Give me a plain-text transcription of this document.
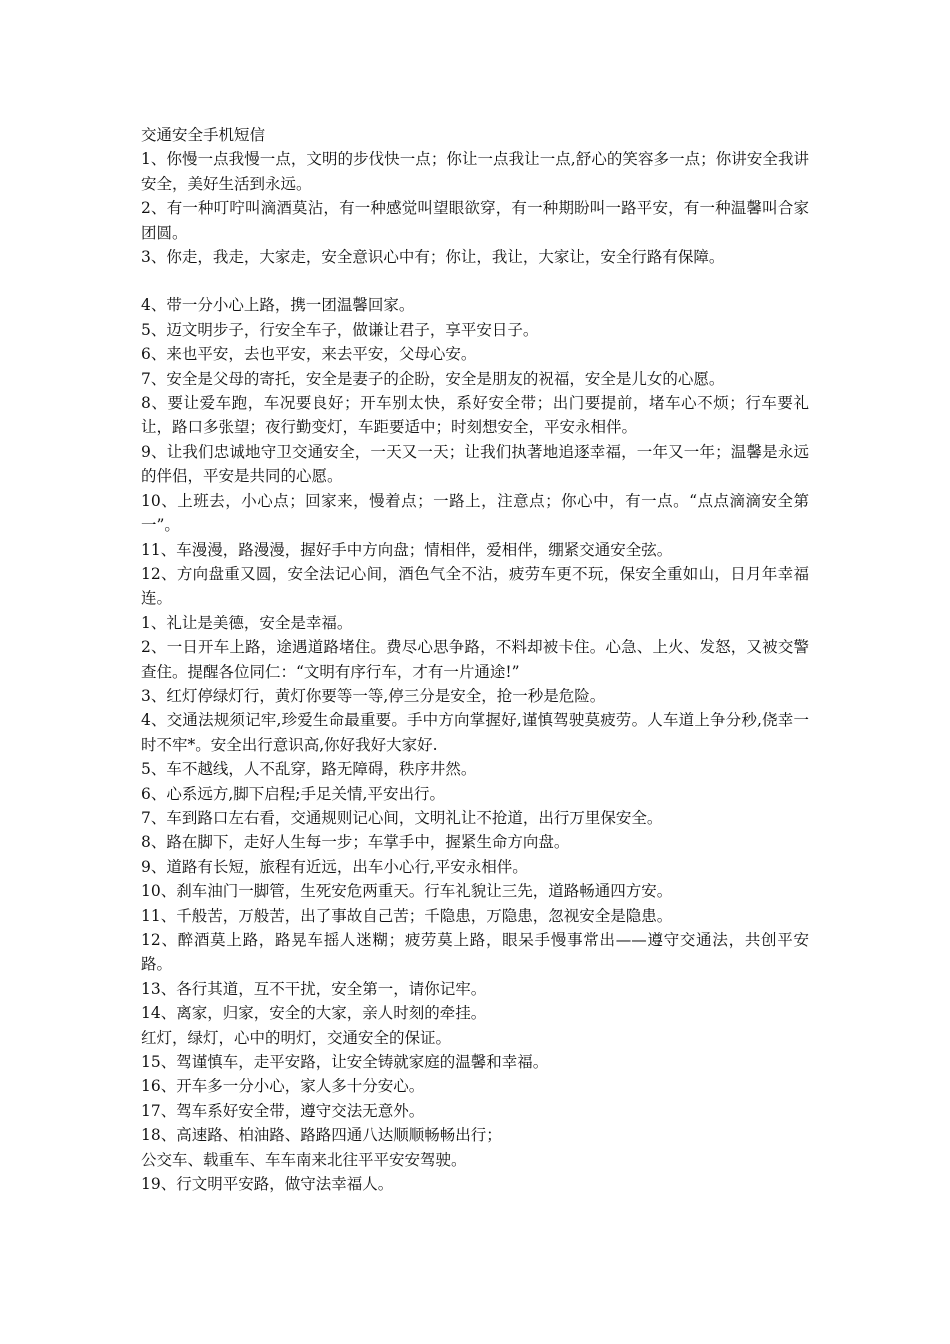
交通安全手机短信

1、你慢一点我慢一点，文明的步伐快一点；你让一点我让一点,舒心的笑容多一点；你讲安全我讲安全，美好生活到永远。

2、有一种叮咛叫滴酒莫沾，有一种感觉叫望眼欲穿，有一种期盼叫一路平安，有一种温馨叫合家团圆。

3、你走，我走，大家走，安全意识心中有；你让，我让，大家让，安全行路有保障。

4、带一分小心上路，携一团温馨回家。

5、迈文明步子，行安全车子，做谦让君子，享平安日子。

6、来也平安，去也平安，来去平安，父母心安。

7、安全是父母的寄托，安全是妻子的企盼，安全是朋友的祝福，安全是儿女的心愿。

8、要让爱车跑，车况要良好；开车别太快，系好安全带；出门要提前，堵车心不烦；行车要礼让，路口多张望；夜行勤变灯，车距要适中；时刻想安全，平安永相伴。

9、让我们忠诚地守卫交通安全，一天又一天；让我们执著地追逐幸福，一年又一年；温馨是永远的伴侣，平安是共同的心愿。

10、上班去，小心点；回家来，慢着点；一路上，注意点；你心中，有一点。“点点滴滴安全第一”。

11、车漫漫，路漫漫，握好手中方向盘；情相伴，爱相伴，绷紧交通安全弦。

12、方向盘重又圆，安全法记心间，酒色气全不沾，疲劳车更不玩，保安全重如山，日月年幸福连。

1、礼让是美德，安全是幸福。

2、一日开车上路，途遇道路堵住。费尽心思争路，不料却被卡住。心急、上火、发怒，又被交警查住。提醒各位同仁：“文明有序行车，才有一片通途!”

3、红灯停绿灯行，黄灯你要等一等,停三分是安全，抢一秒是危险。

4、交通法规须记牢,珍爱生命最重要。手中方向掌握好,谨慎驾驶莫疲劳。人车道上争分秒,侥幸一时不牢*。安全出行意识高,你好我好大家好.

5、车不越线，人不乱穿，路无障碍，秩序井然。

6、心系远方,脚下启程;手足关情,平安出行。

7、车到路口左右看，交通规则记心间，文明礼让不抢道，出行万里保安全。

8、路在脚下，走好人生每一步；车掌手中，握紧生命方向盘。

9、道路有长短，旅程有近远，出车小心行,平安永相伴。

10、刹车油门一脚管，生死安危两重天。行车礼貌让三先，道路畅通四方安。

11、千般苦，万般苦，出了事故自己苦；千隐患，万隐患，忽视安全是隐患。

12、醉酒莫上路，路晃车摇人迷糊；疲劳莫上路，眼呆手慢事常出——遵守交通法，共创平安路。

13、各行其道，互不干扰，安全第一，请你记牢。

14、离家，归家，安全的大家，亲人时刻的牵挂。

红灯，绿灯，心中的明灯，交通安全的保证。

15、驾谨慎车，走平安路，让安全铸就家庭的温馨和幸福。

16、开车多一分小心，家人多十分安心。

17、驾车系好安全带，遵守交法无意外。

18、高速路、柏油路、路路四通八达顺顺畅畅出行；

公交车、载重车、车车南来北往平平安安驾驶。

19、行文明平安路，做守法幸福人。
